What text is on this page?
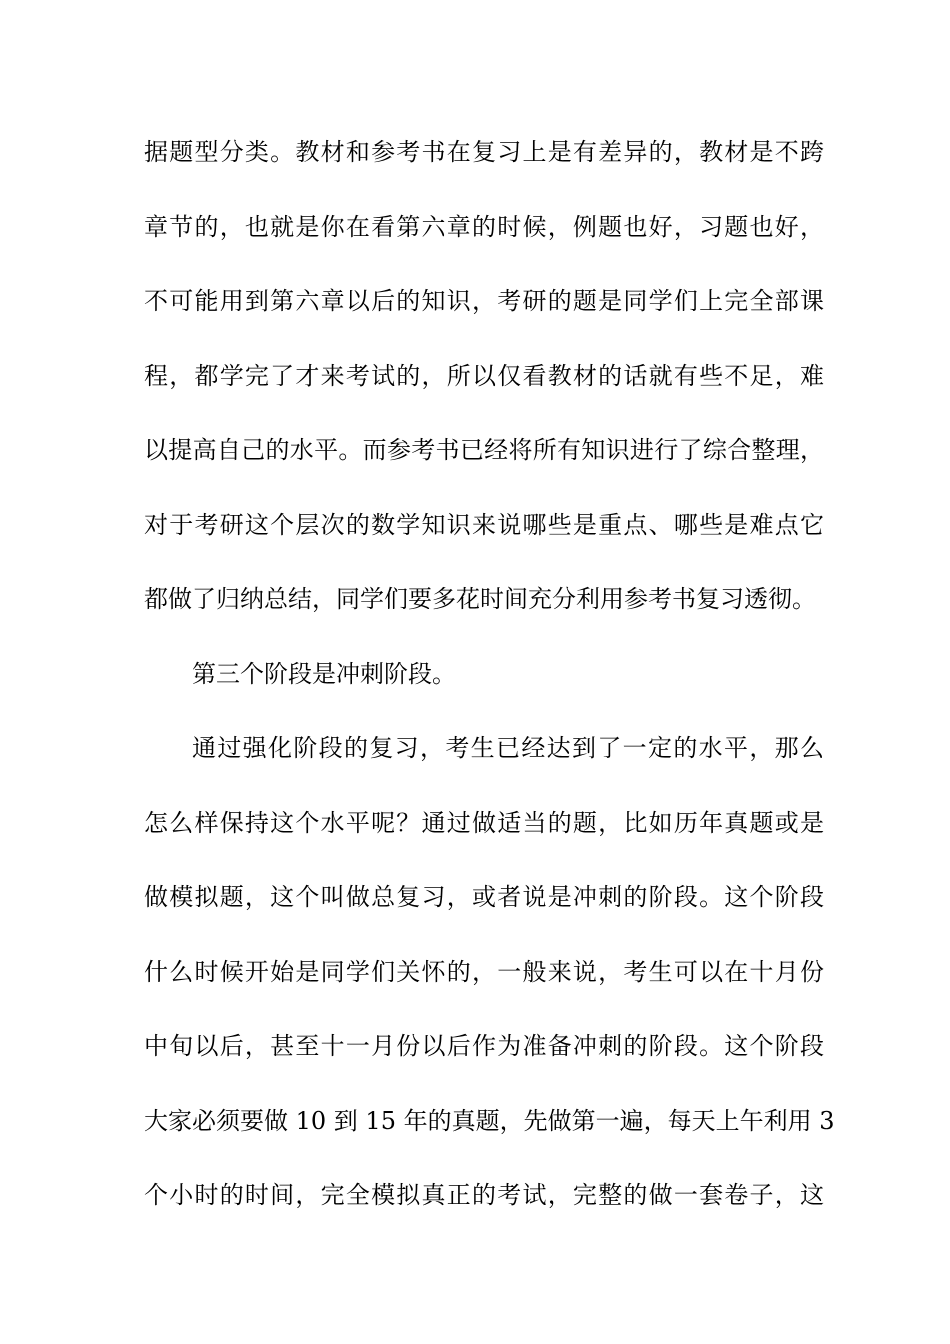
据题型分类。教材和参考书在复习上是有差异的，教材是不跨

章节的，也就是你在看第六章的时候，例题也好，习题也好，

不可能用到第六章以后的知识，考研的题是同学们上完全部课

程，都学完了才来考试的，所以仅看教材的话就有些不足，难

以提高自己的水平。而参考书已经将所有知识进行了综合整理，

对于考研这个层次的数学知识来说哪些是重点、哪些是难点它

都做了归纳总结，同学们要多花时间充分利用参考书复习透彻。

第三个阶段是冲刺阶段。

通过强化阶段的复习，考生已经达到了一定的水平，那么

怎么样保持这个水平呢？通过做适当的题，比如历年真题或是

做模拟题，这个叫做总复习，或者说是冲刺的阶段。这个阶段

什么时候开始是同学们关怀的，一般来说，考生可以在十月份

中旬以后，甚至十一月份以后作为准备冲刺的阶段。这个阶段

大家必须要做 10 到 15 年的真题，先做第一遍，每天上午利用 3

个小时的时间，完全模拟真正的考试，完整的做一套卷子，这
